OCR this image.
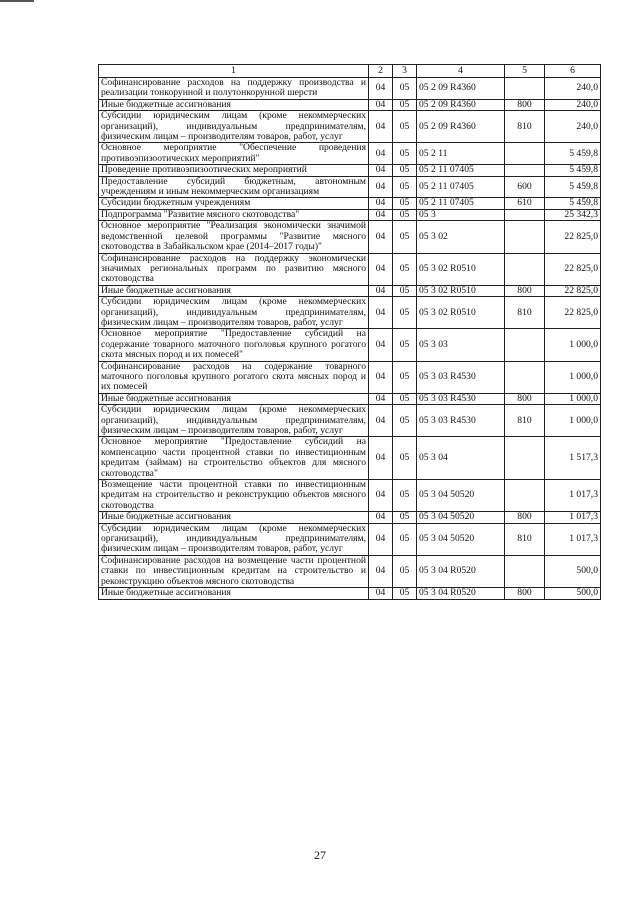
1	2	3	4	5	6
Софинансирование расходов на поддержку производства и реализации тонкорунной и полутонкорунной шерсти	04	05	05 2 09 R4360		240,0
Иные бюджетные ассигнования	04	05	05 2 09 R4360	800	240,0
Субсидии юридическим лицам (кроме некоммерческих организаций), индивидуальным предпринимателям, физическим лицам – производителям товаров, работ, услуг	04	05	05 2 09 R4360	810	240,0
Основное мероприятие "Обеспечение проведения противоэпизоотических мероприятий"	04	05	05 2 11		5 459,8
Проведение противоэпизоотических мероприятий	04	05	05 2 11 07405		5 459,8
Предоставление субсидий бюджетным, автономным учреждениям и иным некоммерческим организациям	04	05	05 2 11 07405	600	5 459,8
Субсидии бюджетным учреждениям	04	05	05 2 11 07405	610	5 459,8
Подпрограмма "Развитие мясного скотоводства"	04	05	05 3		25 342,3
Основное мероприятие "Реализация экономически значимой ведомственной целевой программы "Развитие мясного скотоводства в Забайкальском крае (2014–2017 годы)"	04	05	05 3 02		22 825,0
Софинансирование расходов на поддержку экономически значимых региональных программ по развитию мясного скотоводства	04	05	05 3 02 R0510		22 825,0
Иные бюджетные ассигнования	04	05	05 3 02 R0510	800	22 825,0
Субсидии юридическим лицам (кроме некоммерческих организаций), индивидуальным предпринимателям, физическим лицам – производителям товаров, работ, услуг	04	05	05 3 02 R0510	810	22 825,0
Основное мероприятие "Предоставление субсидий на содержание товарного маточного поголовья крупного рогатого скота мясных пород и их помесей"	04	05	05 3 03		1 000,0
Софинансирование расходов на содержание товарного маточного поголовья крупного рогатого скота мясных пород и их помесей	04	05	05 3 03 R4530		1 000,0
Иные бюджетные ассигнования	04	05	05 3 03 R4530	800	1 000,0
Субсидии юридическим лицам (кроме некоммерческих организаций), индивидуальным предпринимателям, физическим лицам – производителям товаров, работ, услуг	04	05	05 3 03 R4530	810	1 000,0
Основное мероприятие "Предоставление субсидий на компенсацию части процентной ставки по инвестиционным кредитам (займам) на строительство объектов для мясного скотоводства"	04	05	05 3 04		1 517,3
Возмещение части процентной ставки по инвестиционным кредитам на строительство и реконструкцию объектов мясного скотоводства	04	05	05 3 04 50520		1 017,3
Иные бюджетные ассигнования	04	05	05 3 04 50520	800	1 017,3
Субсидии юридическим лицам (кроме некоммерческих организаций), индивидуальным предпринимателям, физическим лицам – производителям товаров, работ, услуг	04	05	05 3 04 50520	810	1 017,3
Софинансирование расходов на возмещение части процентной ставки по инвестиционным кредитам на строительство и реконструкцию объектов мясного скотоводства	04	05	05 3 04 R0520		500,0
Иные бюджетные ассигнования	04	05	05 3 04 R0520	800	500,0
27
